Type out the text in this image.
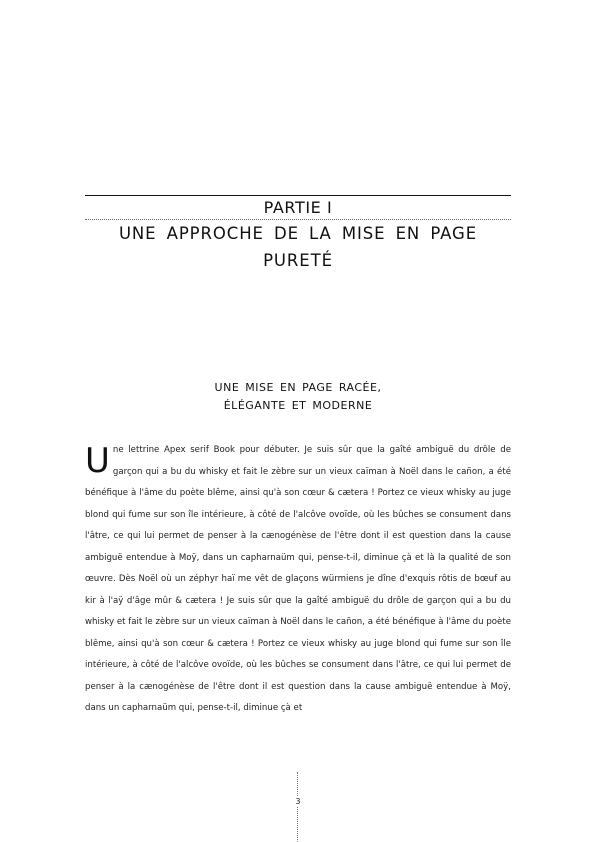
PARTIE I
UNE APPROCHE DE LA MISE EN PAGE
PURETÉ
UNE MISE EN PAGE RACÉE,
ÉLÉGANTE ET MODERNE
U ne lettrine Apex serif Book pour débuter. Je suis sûr que la gaîté ambiguë du drôle de garçon qui a bu du whisky et fait le zèbre sur un vieux caïman à Noël dans le cañon, a été bénéfique à l'âme du poète blême, ainsi qu'à son cœur & cætera ! Portez ce vieux whisky au juge blond qui fume sur son île intérieure, à côté de l'alcôve ovoïde, où les bûches se consument dans l'âtre, ce qui lui permet de penser à la cænogénèse de l'être dont il est question dans la cause ambiguë entendue à Moÿ, dans un capharnaüm qui, pense-t-il, diminue çà et là la qualité de son œuvre. Dès Noël où un zéphyr haï me vêt de glaçons würmiens je dîne d'exquis rôtis de bœuf au kir à l'aÿ d'âge mûr & cætera ! Je suis sûr que la gaîté ambiguë du drôle de garçon qui a bu du whisky et fait le zèbre sur un vieux caïman à Noël dans le cañon, a été bénéfique à l'âme du poète blême, ainsi qu'à son cœur & cætera ! Portez ce vieux whisky au juge blond qui fume sur son île intérieure, à côté de l'alcôve ovoïde, où les bûches se consument dans l'âtre, ce qui lui permet de penser à la cænogénèse de l'être dont il est question dans la cause ambiguë entendue à Moÿ, dans un capharnaüm qui, pense-t-il, diminue çà et
3
